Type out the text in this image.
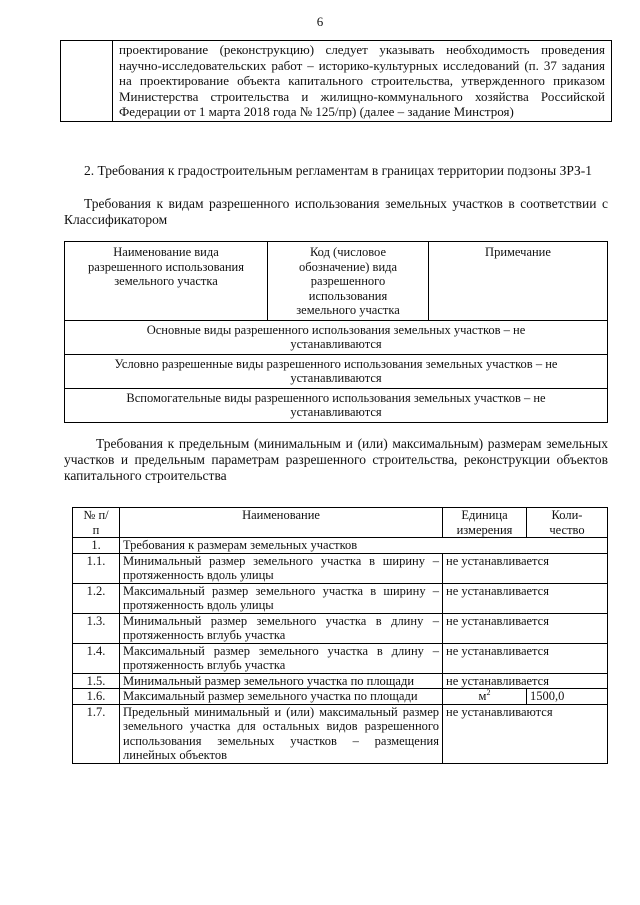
6
	проектирование (реконструкцию) следует указывать необходимость проведения научно-исследовательских работ – историко-культурных исследований (п. 37 задания на проектирование объекта капитального строительства, утвержденного приказом Министерства строительства и жилищно-коммунального хозяйства Российской Федерации от 1 марта 2018 года № 125/пр) (далее – задание Минстроя)
2. Требования к градостроительным регламентам в границах территории подзоны ЗРЗ-1
Требования к видам разрешенного использования земельных участков в соответствии с Классификатором
Наименование вида разрешенного использования земельного участка	Код (числовое обозначение) вида разрешенного использования земельного участка	Примечание
Основные виды разрешенного использования земельных участков – не устанавливаются
Условно разрешенные виды разрешенного использования земельных участков – не устанавливаются
Вспомогательные виды разрешенного использования земельных участков – не устанавливаются
Требования к предельным (минимальным и (или) максимальным) размерам земельных участков и предельным параметрам разрешенного строительства, реконструкции объектов капитального строительства
№ п/п	Наименование	Единица измерения	Коли-чество
1.	Требования к размерам земельных участков		
1.1.	Минимальный размер земельного участка в ширину – протяженность вдоль улицы	не устанавливается	
1.2.	Максимальный размер земельного участка в ширину – протяженность вдоль улицы	не устанавливается	
1.3.	Минимальный размер земельного участка в длину – протяженность вглубь участка	не устанавливается	
1.4.	Максимальный размер земельного участка в длину – протяженность вглубь участка	не устанавливается	
1.5.	Минимальный размер земельного участка по площади	не устанавливается	
1.6.	Максимальный размер земельного участка по площади	$м^2$	1500,0
1.7.	Предельный минимальный и (или) максимальный размер земельного участка для остальных видов разрешенного использования земельных участков – размещения линейных объектов	не устанавливаются	
